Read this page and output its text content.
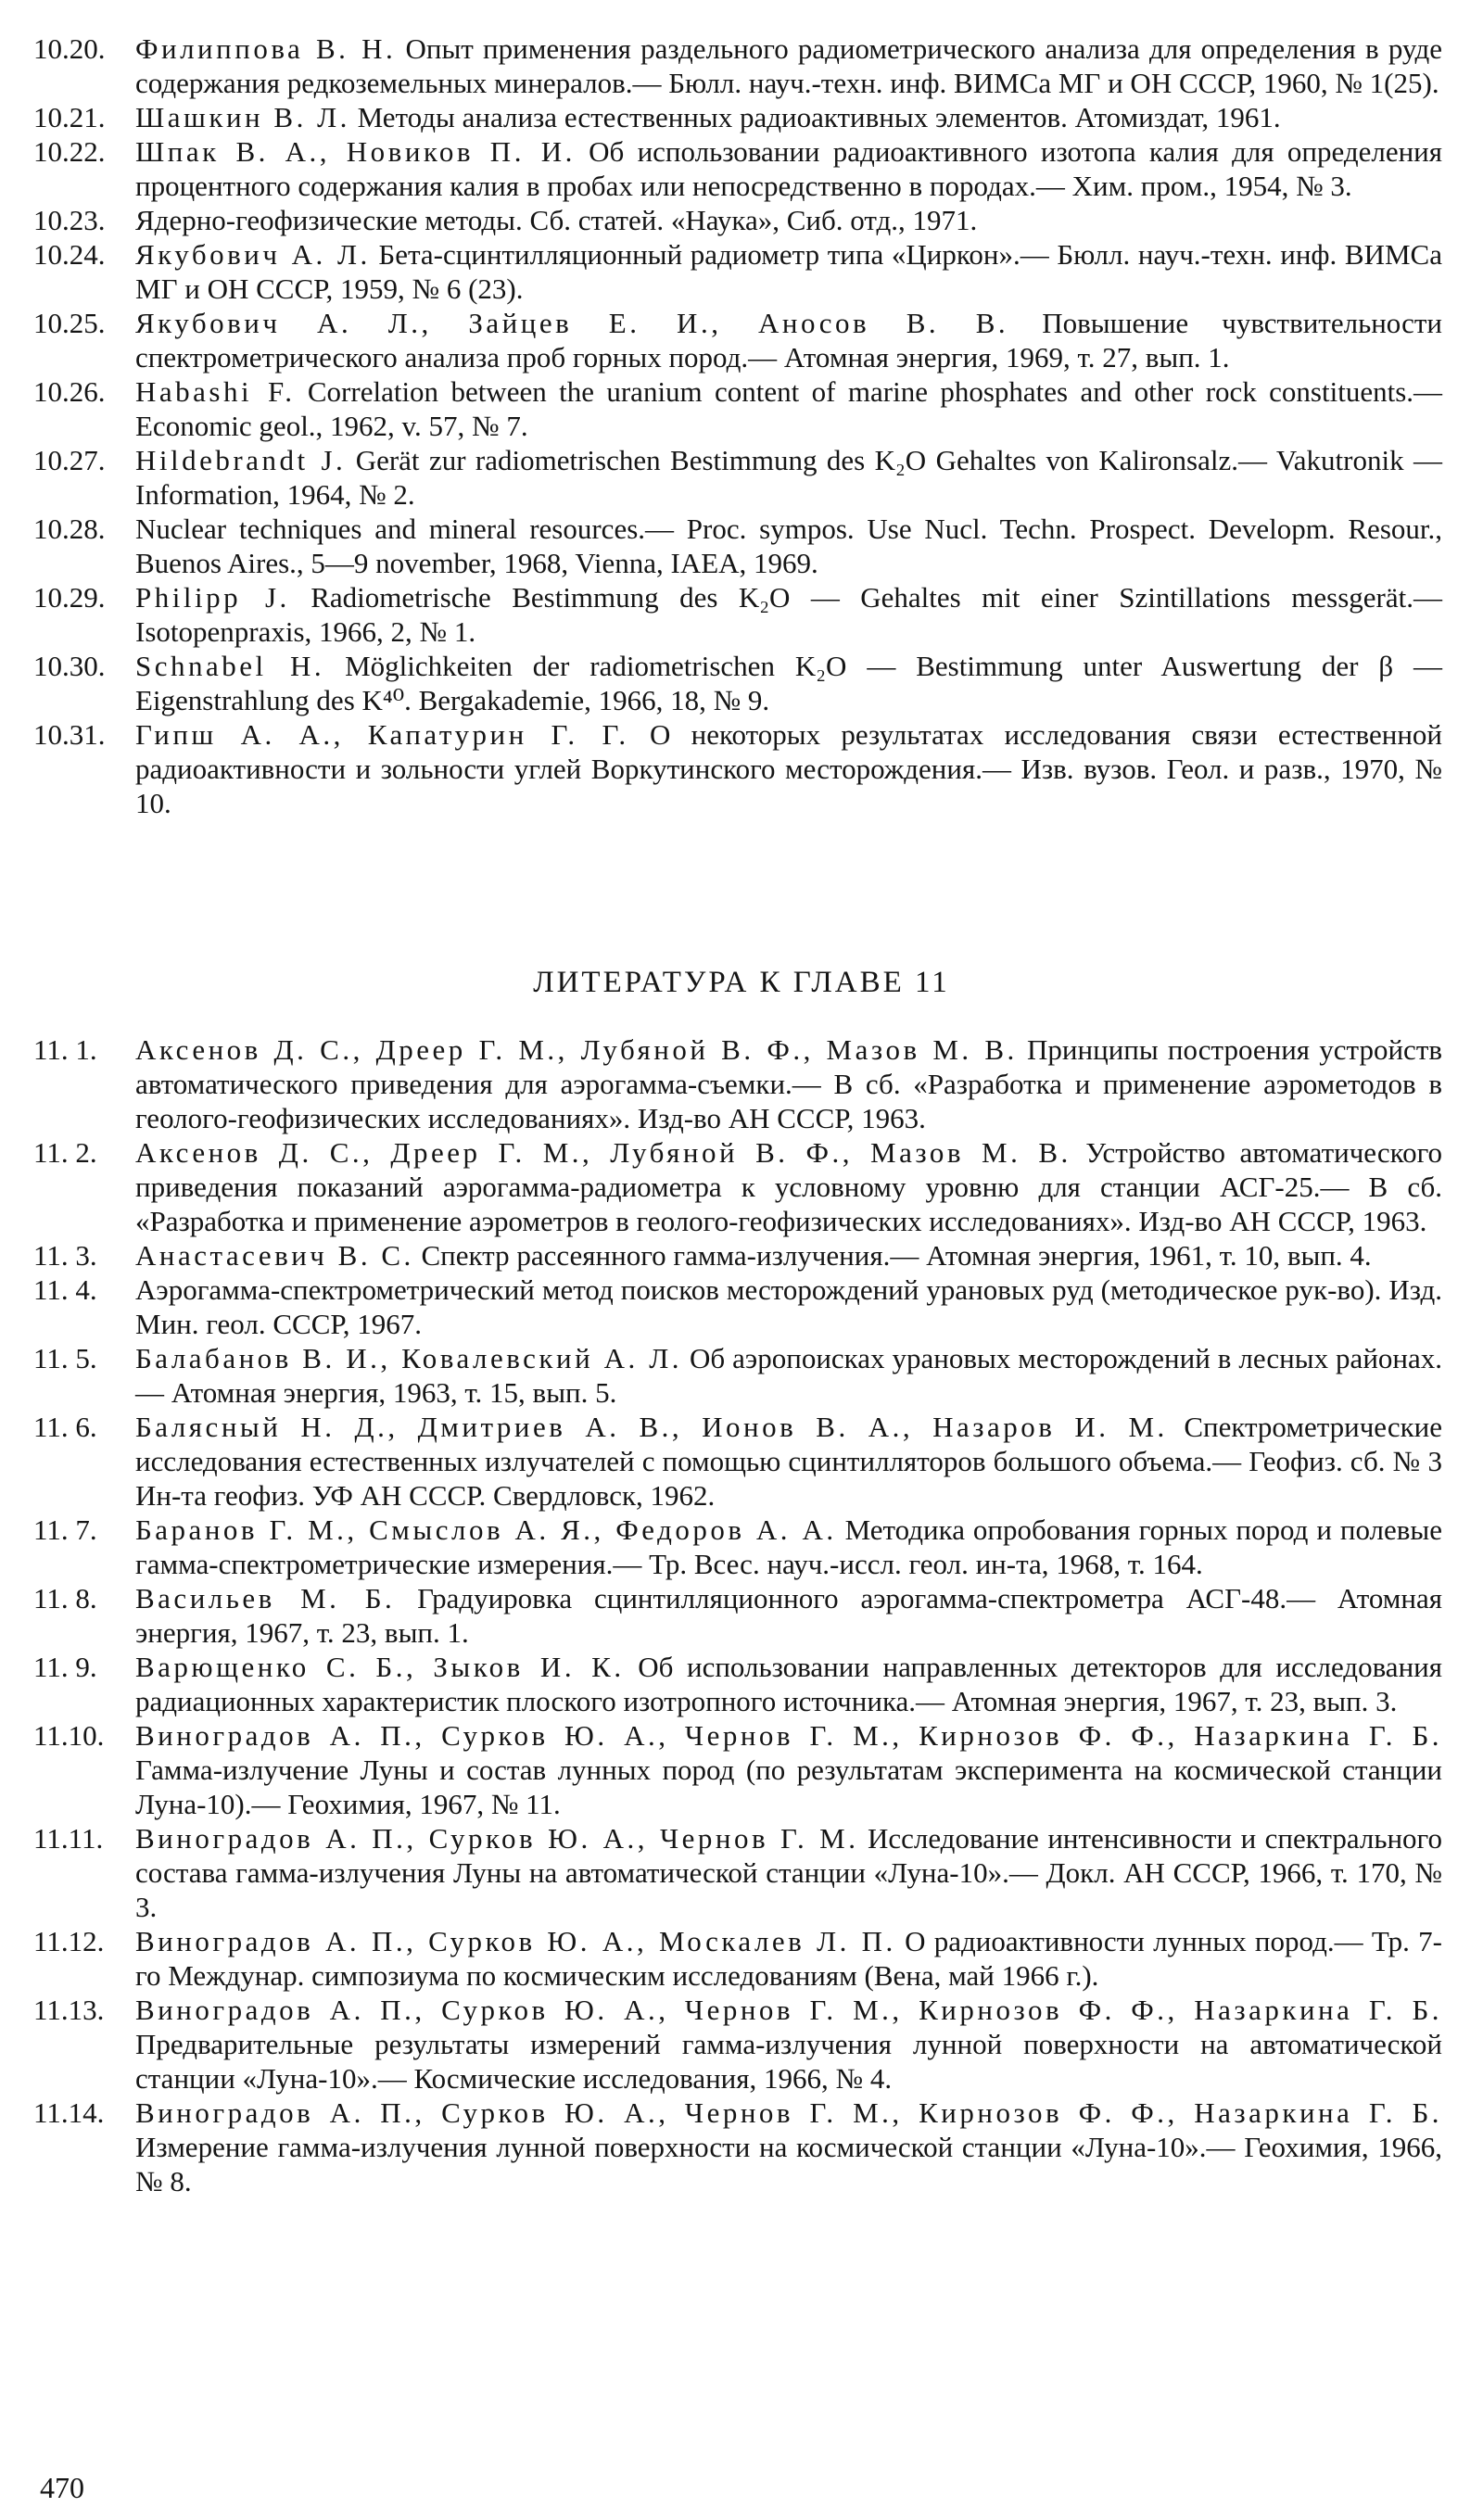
10.20.	Филиппова В. Н. Опыт применения раздельного радиометрического анализа для определения в руде содержания редкоземельных минералов.— Бюлл. науч.-техн. инф. ВИМСа МГ и ОН СССР, 1960, № 1(25).

10.21.	Шашкин В. Л. Методы анализа естественных радиоактивных элементов. Атомиздат, 1961.

10.22.	Шпак В. А., Новиков П. И. Об использовании радиоактивного изотопа калия для определения процентного содержания калия в пробах или непосредственно в породах.— Хим. пром., 1954, № 3.

10.23.	Ядерно-геофизические методы. Сб. статей. «Наука», Сиб. отд., 1971.

10.24.	Якубович А. Л. Бета-сцинтилляционный радиометр типа «Циркон».— Бюлл. науч.-техн. инф. ВИМСа МГ и ОН СССР, 1959, № 6 (23).

10.25.	Якубович А. Л., Зайцев Е. И., Аносов В. В. Повышение чувствительности спектрометрического анализа проб горных пород.— Атомная энергия, 1969, т. 27, вып. 1.

10.26.	Habashi F. Correlation between the uranium content of marine phosphates and other rock constituents.— Economic geol., 1962, v. 57, № 7.

10.27.	Hildebrandt J. Gerät zur radiometrischen Bestimmung des K₂O Gehaltes von Kalironsalz.— Vakutronik — Information, 1964, № 2.

10.28.	Nuclear techniques and mineral resources.— Proc. sympos. Use Nucl. Techn. Prospect. Developm. Resour., Buenos Aires., 5—9 november, 1968, Vienna, IAEA, 1969.

10.29.	Philipp J. Radiometrische Bestimmung des K₂O — Gehaltes mit einer Szintillations messgerät.— Isotopenpraxis, 1966, 2, № 1.

10.30.	Schnabel H. Möglichkeiten der radiometrischen K₂O — Bestimmung unter Auswertung der β — Eigenstrahlung des K⁴⁰. Bergakademie, 1966, 18, № 9.

10.31.	Гипш А. А., Капатурин Г. Г. О некоторых результатах исследования связи естественной радиоактивности и зольности углей Воркутинского месторождения.— Изв. вузов. Геол. и разв., 1970, № 10.

ЛИТЕРАТУРА К ГЛАВЕ 11

11. 1.	Аксенов Д. С., Дреер Г. М., Лубяной В. Ф., Мазов М. В. Принципы построения устройств автоматического приведения для аэрогамма-съемки.— В сб. «Разработка и применение аэрометодов в геолого-геофизических исследованиях». Изд-во АН СССР, 1963.

11. 2.	Аксенов Д. С., Дреер Г. М., Лубяной В. Ф., Мазов М. В. Устройство автоматического приведения показаний аэрогамма-радиометра к условному уровню для станции АСГ-25.— В сб. «Разработка и применение аэрометров в геолого-геофизических исследованиях». Изд-во АН СССР, 1963.

11. 3.	Анастасевич В. С. Спектр рассеянного гамма-излучения.— Атомная энергия, 1961, т. 10, вып. 4.

11. 4.	Аэрогамма-спектрометрический метод поисков месторождений урановых руд (методическое рук-во). Изд. Мин. геол. СССР, 1967.

11. 5.	Балабанов В. И., Ковалевский А. Л. Об аэропоисках урановых месторождений в лесных районах.— Атомная энергия, 1963, т. 15, вып. 5.

11. 6.	Балясный Н. Д., Дмитриев А. В., Ионов В. А., Назаров И. М. Спектрометрические исследования естественных излучателей с помощью сцинтилляторов большого объема.— Геофиз. сб. № 3 Ин-та геофиз. УФ АН СССР. Свердловск, 1962.

11. 7.	Баранов Г. М., Смыслов А. Я., Федоров А. А. Методика опробования горных пород и полевые гамма-спектрометрические измерения.— Тр. Всес. науч.-иссл. геол. ин-та, 1968, т. 164.

11. 8.	Васильев М. Б. Градуировка сцинтилляционного аэрогамма-спектрометра АСГ-48.— Атомная энергия, 1967, т. 23, вып. 1.

11. 9.	Варющенко С. Б., Зыков И. К. Об использовании направленных детекторов для исследования радиационных характеристик плоского изотропного источника.— Атомная энергия, 1967, т. 23, вып. 3.

11.10.	Виноградов А. П., Сурков Ю. А., Чернов Г. М., Кирнозов Ф. Ф., Назаркина Г. Б. Гамма-излучение Луны и состав лунных пород (по результатам эксперимента на космической станции Луна-10).— Геохимия, 1967, № 11.

11.11.	Виноградов А. П., Сурков Ю. А., Чернов Г. М. Исследование интенсивности и спектрального состава гамма-излучения Луны на автоматической станции «Луна-10».— Докл. АН СССР, 1966, т. 170, № 3.

11.12.	Виноградов А. П., Сурков Ю. А., Москалев Л. П. О радиоактивности лунных пород.— Тр. 7-го Междунар. симпозиума по космическим исследованиям (Вена, май 1966 г.).

11.13.	Виноградов А. П., Сурков Ю. А., Чернов Г. М., Кирнозов Ф. Ф., Назаркина Г. Б. Предварительные результаты измерений гамма-излучения лунной поверхности на автоматической станции «Луна-10».— Космические исследования, 1966, № 4.

11.14.	Виноградов А. П., Сурков Ю. А., Чернов Г. М., Кирнозов Ф. Ф., Назаркина Г. Б. Измерение гамма-излучения лунной поверхности на космической станции «Луна-10».— Геохимия, 1966, № 8.

470
